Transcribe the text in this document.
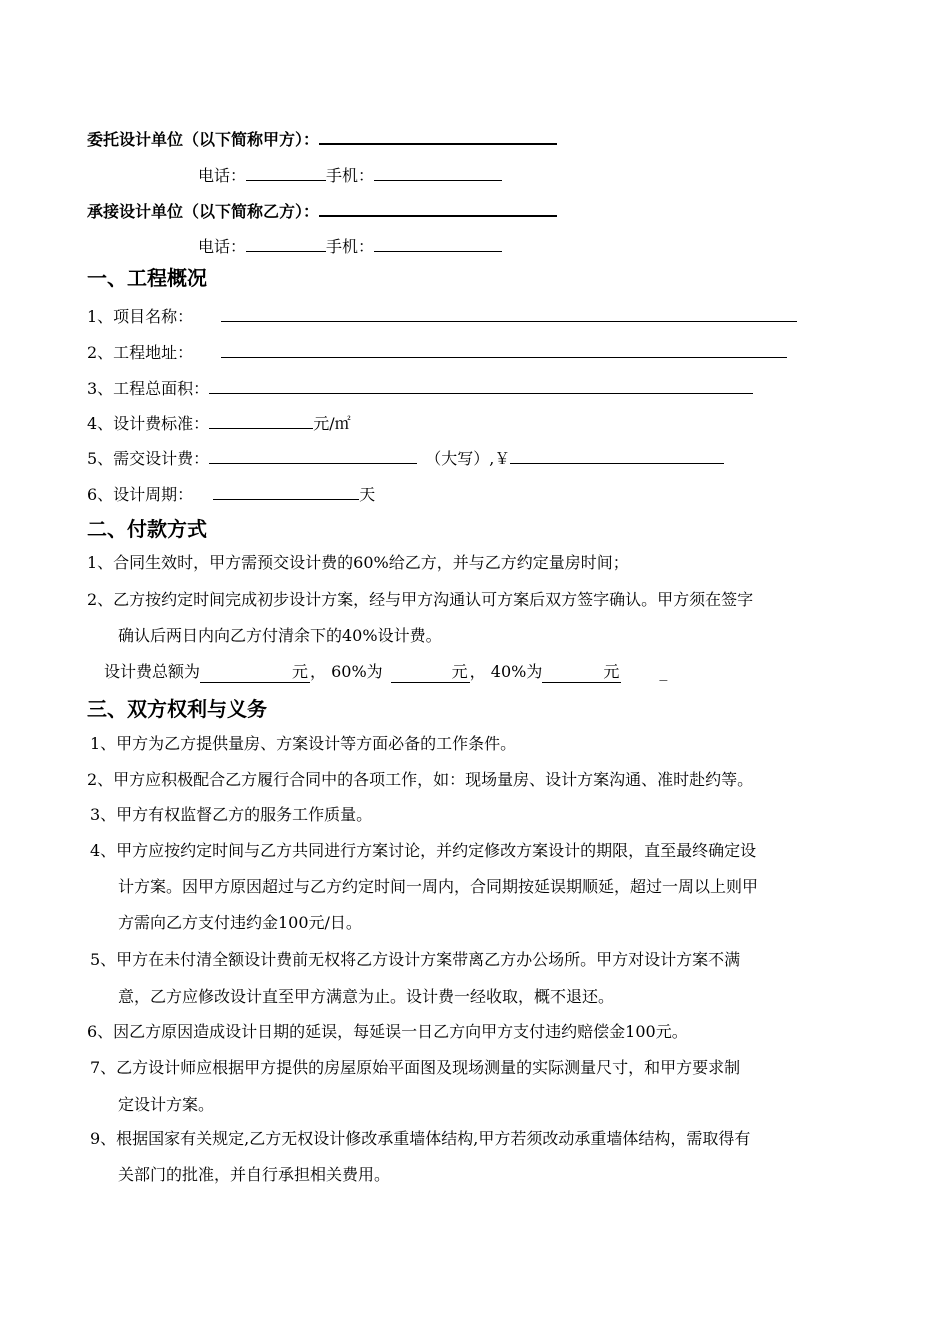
委托设计单位（以下简称甲方）：
电话：	手机：
承接设计单位（以下简称乙方）：
电话：	手机：
一、工程概况
1、项目名称：
2、工程地址：
3、工程总面积：
4、设计费标准：	元/㎡
5、需交设计费：	（大写）,￥
6、设计周期：	天
二、付款方式
1、合同生效时，甲方需预交设计费的60%给乙方，并与乙方约定量房时间；
2、乙方按约定时间完成初步设计方案，经与甲方沟通认可方案后双方签字确认。甲方须在签字
确认后两日内向乙方付清余下的40%设计费。
设计费总额为	元 ， 60%为	元 ， 40%为	元	_
三、双方权利与义务
1、甲方为乙方提供量房、方案设计等方面必备的工作条件。
2、甲方应积极配合乙方履行合同中的各项工作，如：现场量房、设计方案沟通、准时赴约等。
3、甲方有权监督乙方的服务工作质量。
4、甲方应按约定时间与乙方共同进行方案讨论，并约定修改方案设计的期限，直至最终确定设
计方案。因甲方原因超过与乙方约定时间一周内，合同期按延误期顺延，超过一周以上则甲
方需向乙方支付违约金100元/日。
5、甲方在未付清全额设计费前无权将乙方设计方案带离乙方办公场所。甲方对设计方案不满
意，乙方应修改设计直至甲方满意为止。设计费一经收取，概不退还。
6、因乙方原因造成设计日期的延误，每延误一日乙方向甲方支付违约赔偿金100元。
7、乙方设计师应根据甲方提供的房屋原始平面图及现场测量的实际测量尺寸，和甲方要求制
定设计方案。
9、根据国家有关规定,乙方无权设计修改承重墙体结构,甲方若须改动承重墙体结构，需取得有
关部门的批准，并自行承担相关费用。
